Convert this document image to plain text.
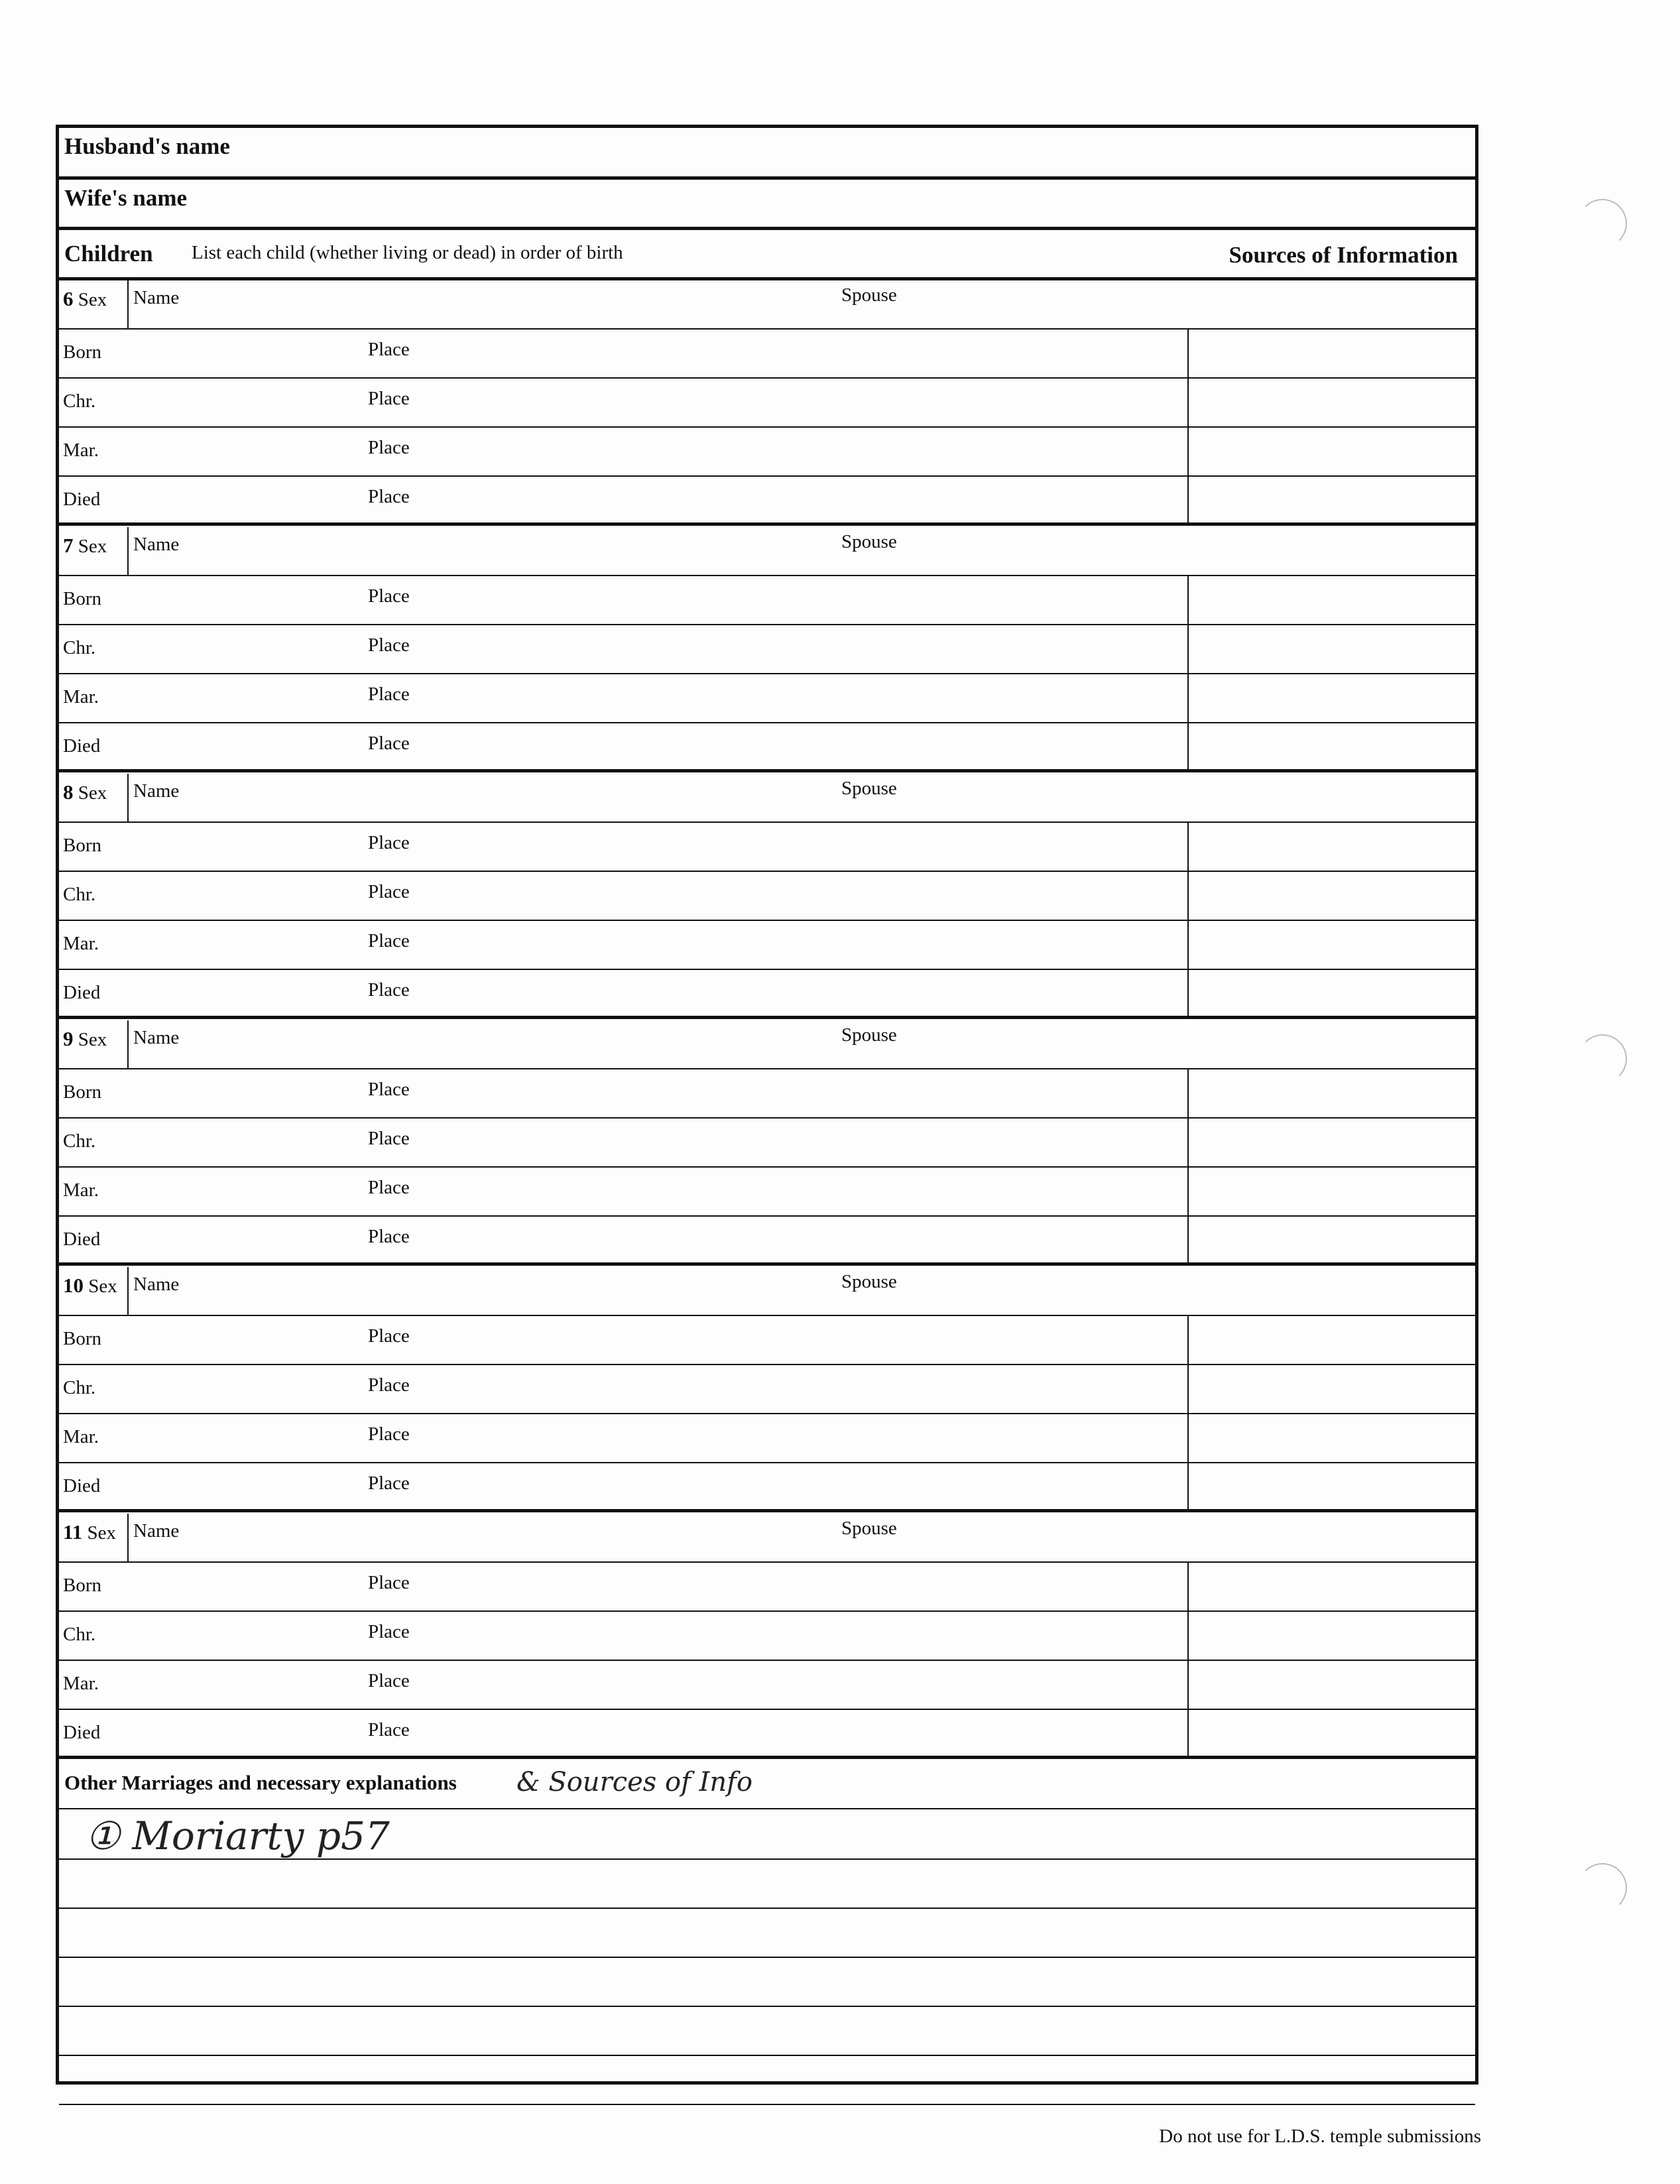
Husband's name
Wife's name
Children List each child (whether living or dead) in order of birth	Sources of Information
6 Sex Name	Spouse
Born	Place
Chr.	Place
Mar.	Place
Died	Place
7 Sex Name	Spouse
Born	Place
Chr.	Place
Mar.	Place
Died	Place
8 Sex Name	Spouse
Born	Place
Chr.	Place
Mar.	Place
Died	Place
9 Sex Name	Spouse
Born	Place
Chr.	Place
Mar.	Place
Died	Place
10 Sex Name	Spouse
Born	Place
Chr.	Place
Mar.	Place
Died	Place
11 Sex Name	Spouse
Born	Place
Chr.	Place
Mar.	Place
Died	Place
Other Marriages and necessary explanations & Sources of Info
① Moriarty p57
Do not use for L.D.S. temple submissions
